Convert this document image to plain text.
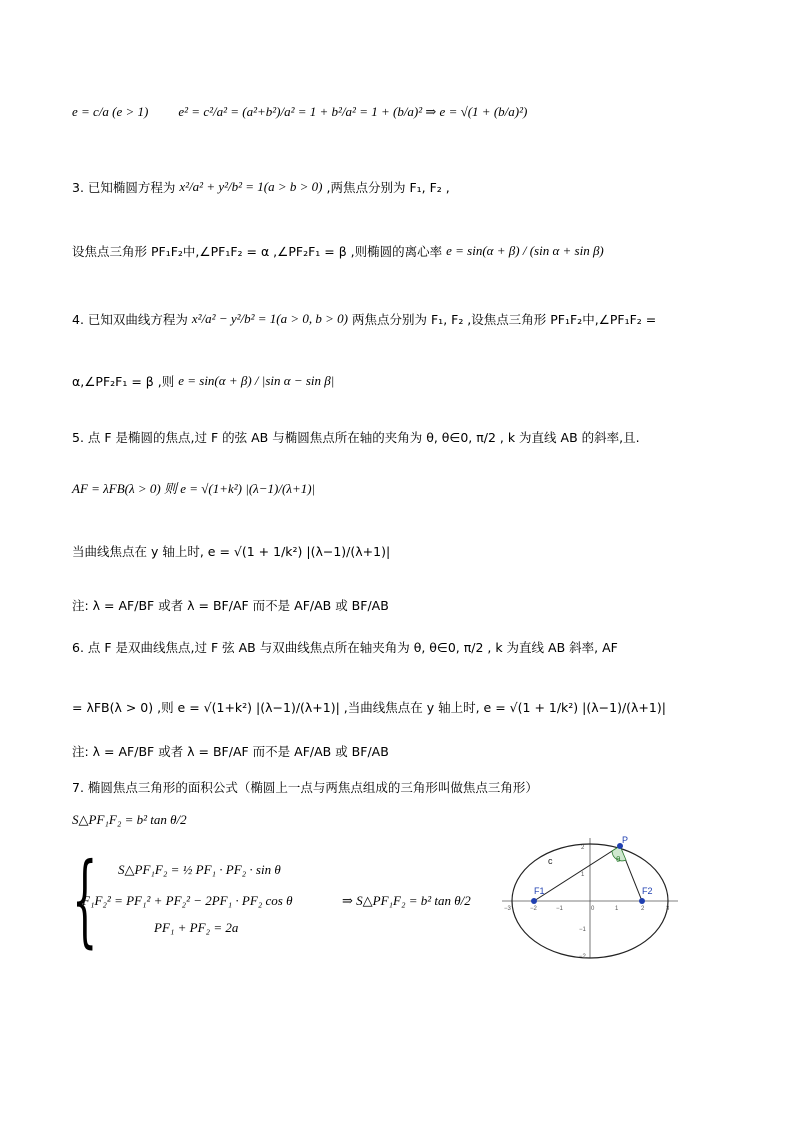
e = c/a (e > 1) e² = c²/a² = (a²+b²)/a² = 1 + b²/a² = 1 + (b/a)² ⇒ e = √(1 + (b/a)²)
3. 已知椭圆方程为 x²/a² + y²/b² = 1(a > b > 0) ,两焦点分别为 F₁, F₂ ,
设焦点三角形 PF₁F₂中,∠PF₁F₂ = α ,∠PF₂F₁ = β ,则椭圆的离心率 e = sin(α + β) / (sin α + sin β)
4. 已知双曲线方程为 x²/a² − y²/b² = 1(a > 0, b > 0) 两焦点分别为 F₁, F₂ ,设焦点三角形 PF₁F₂中,∠PF₁F₂ =
α,∠PF₂F₁ = β ,则 e = sin(α + β) / |sin α − sin β|
5. 点 F 是椭圆的焦点,过 F 的弦 AB 与椭圆焦点所在轴的夹角为 θ, θ∈0, π/2 , k 为直线 AB 的斜率,且.
AF = λFB(λ > 0) 则 e = √(1+k²) |(λ−1)/(λ+1)|
当曲线焦点在 y 轴上时, e = √(1 + 1/k²) |(λ−1)/(λ+1)|
注: λ = AF/BF 或者 λ = BF/AF 而不是 AF/AB 或 BF/AB
6. 点 F 是双曲线焦点,过 F 弦 AB 与双曲线焦点所在轴夹角为 θ, θ∈0, π/2 , k 为直线 AB 斜率, AF
= λFB(λ > 0) ,则 e = √(1+k²) |(λ−1)/(λ+1)| ,当曲线焦点在 y 轴上时, e = √(1 + 1/k²) |(λ−1)/(λ+1)|
注: λ = AF/BF 或者 λ = BF/AF 而不是 AF/AB 或 BF/AB
7. 椭圆焦点三角形的面积公式（椭圆上一点与两焦点组成的三角形叫做焦点三角形）
S△PF₁F₂ = b² tan θ/2
{ S△PF₁F₂ = ½ PF₁ · PF₂ · sin θ
F₁F₂² = PF₁² + PF₂² − 2PF₁ · PF₂ cos θ
PF₁ + PF₂ = 2a
⇒ S△PF₁F₂ = b² tan θ/2
P
F1	F2
c	θ
−3	−2	−1	0	1	2	3
2
1
−1
−2
